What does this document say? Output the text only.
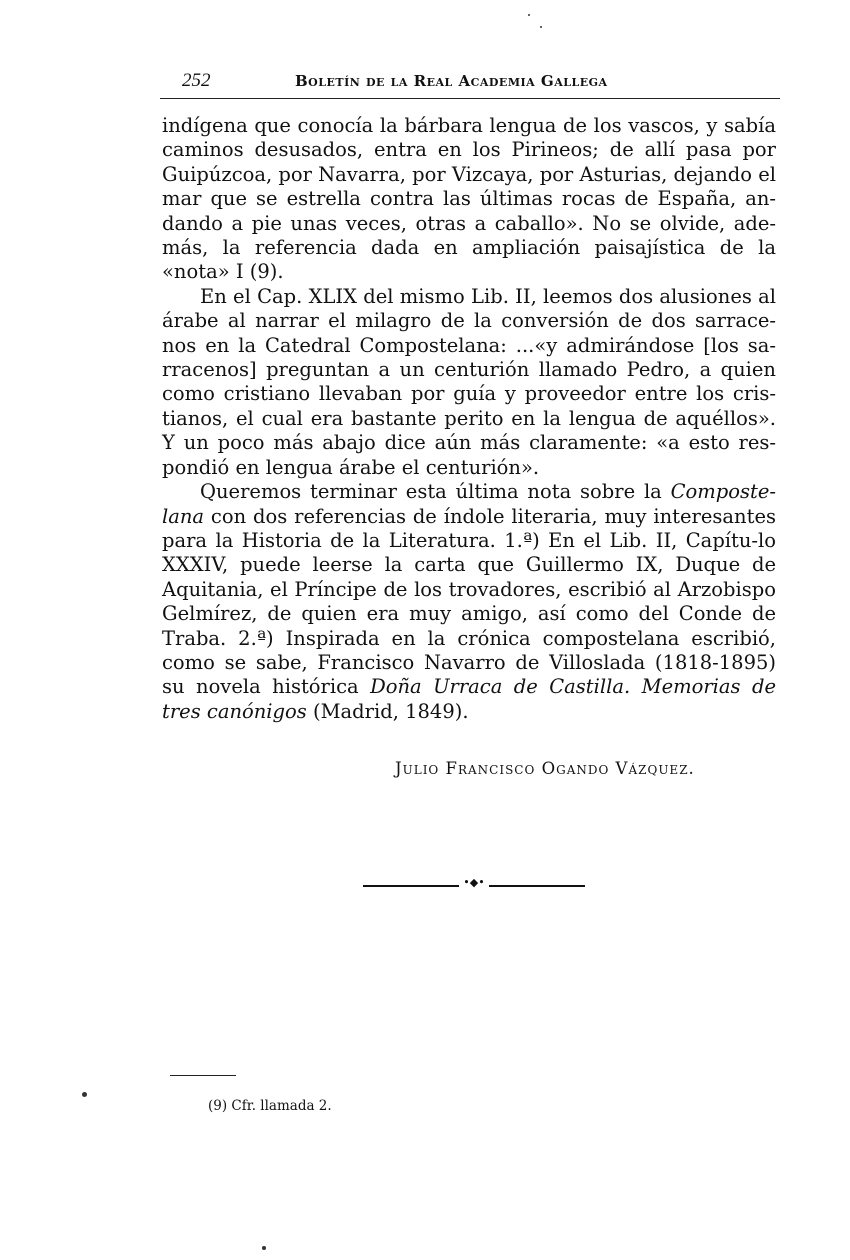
252	Boletín de la Real Academia Gallega

indígena que conocía la bárbara lengua de los vascos, y sabía caminos desusados, entra en los Pirineos; de allí pasa por Guipúzcoa, por Navarra, por Vizcaya, por Asturias, dejando el mar que se estrella contra las últimas rocas de España, an-dando a pie unas veces, otras a caballo». No se olvide, ade-más, la referencia dada en ampliación paisajística de la «nota» I (9).

En el Cap. XLIX del mismo Lib. II, leemos dos alusiones al árabe al narrar el milagro de la conversión de dos sarrace-nos en la Catedral Compostelana: ...«y admirándose [los sa-rracenos] preguntan a un centurión llamado Pedro, a quien como cristiano llevaban por guía y proveedor entre los cris-tianos, el cual era bastante perito en la lengua de aquéllos». Y un poco más abajo dice aún más claramente: «a esto res-pondió en lengua árabe el centurión».

Queremos terminar esta última nota sobre la Composte-lana con dos referencias de índole literaria, muy interesantes para la Historia de la Literatura. 1.ª) En el Lib. II, Capítu-lo XXXIV, puede leerse la carta que Guillermo IX, Duque de Aquitania, el Príncipe de los trovadores, escribió al Arzobispo Gelmírez, de quien era muy amigo, así como del Conde de Traba. 2.ª) Inspirada en la crónica compostelana escribió, como se sabe, Francisco Navarro de Villoslada (1818-1895) su novela histórica Doña Urraca de Castilla. Memorias de tres canónigos (Madrid, 1849).

Julio Francisco Ogando Vázquez.
•◆•
(9) Cfr. llamada 2.
